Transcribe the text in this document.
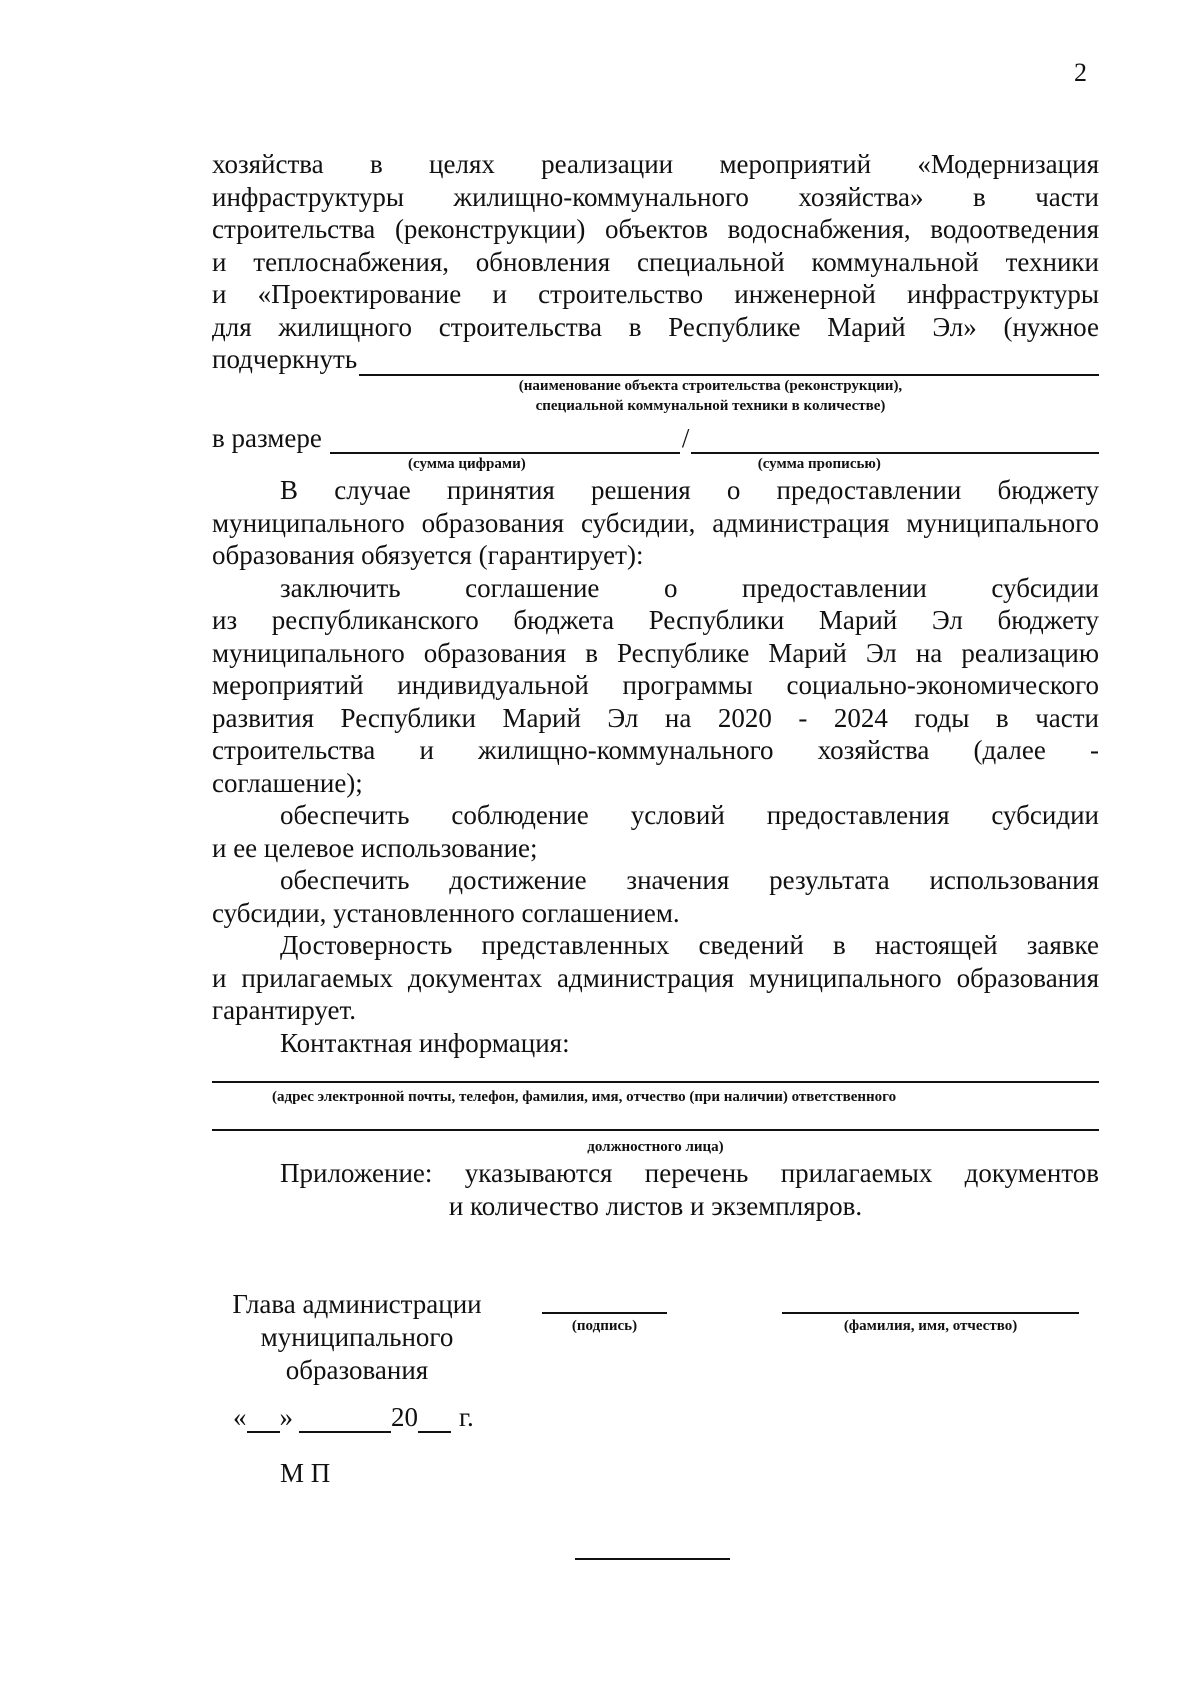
2
хозяйства в целях реализации мероприятий «Модернизация
инфраструктуры жилищно-коммунального хозяйства» в части
строительства (реконструкции) объектов водоснабжения, водоотведения
и теплоснабжения, обновления специальной коммунальной техники
и «Проектирование и строительство инженерной инфраструктуры
для жилищного строительства в Республике Марий Эл» (нужное
подчеркнуть
(наименование объекта строительства (реконструкции),
специальной коммунальной техники в количестве)
в размере	/
(сумма цифрами)	(сумма прописью)
В случае принятия решения о предоставлении бюджету
муниципального образования субсидии, администрация муниципального
образования обязуется (гарантирует):
заключить соглашение о предоставлении субсидии
из республиканского бюджета Республики Марий Эл бюджету
муниципального образования в Республике Марий Эл на реализацию
мероприятий индивидуальной программы социально-экономического
развития Республики Марий Эл на 2020 - 2024 годы в части
строительства и жилищно-коммунального хозяйства (далее -
соглашение);
обеспечить соблюдение условий предоставления субсидии
и ее целевое использование;
обеспечить достижение значения результата использования
субсидии, установленного соглашением.
Достоверность представленных сведений в настоящей заявке
и прилагаемых документах администрация муниципального образования
гарантирует.
Контактная информация:
(адрес электронной почты, телефон, фамилия, имя, отчество (при наличии) ответственного
должностного лица)
Приложение: указываются перечень прилагаемых документов
и количество листов и экземпляров.
Глава администрации
муниципального
образования
(подпись)	(фамилия, имя, отчество)
« »	20 г.
М П
